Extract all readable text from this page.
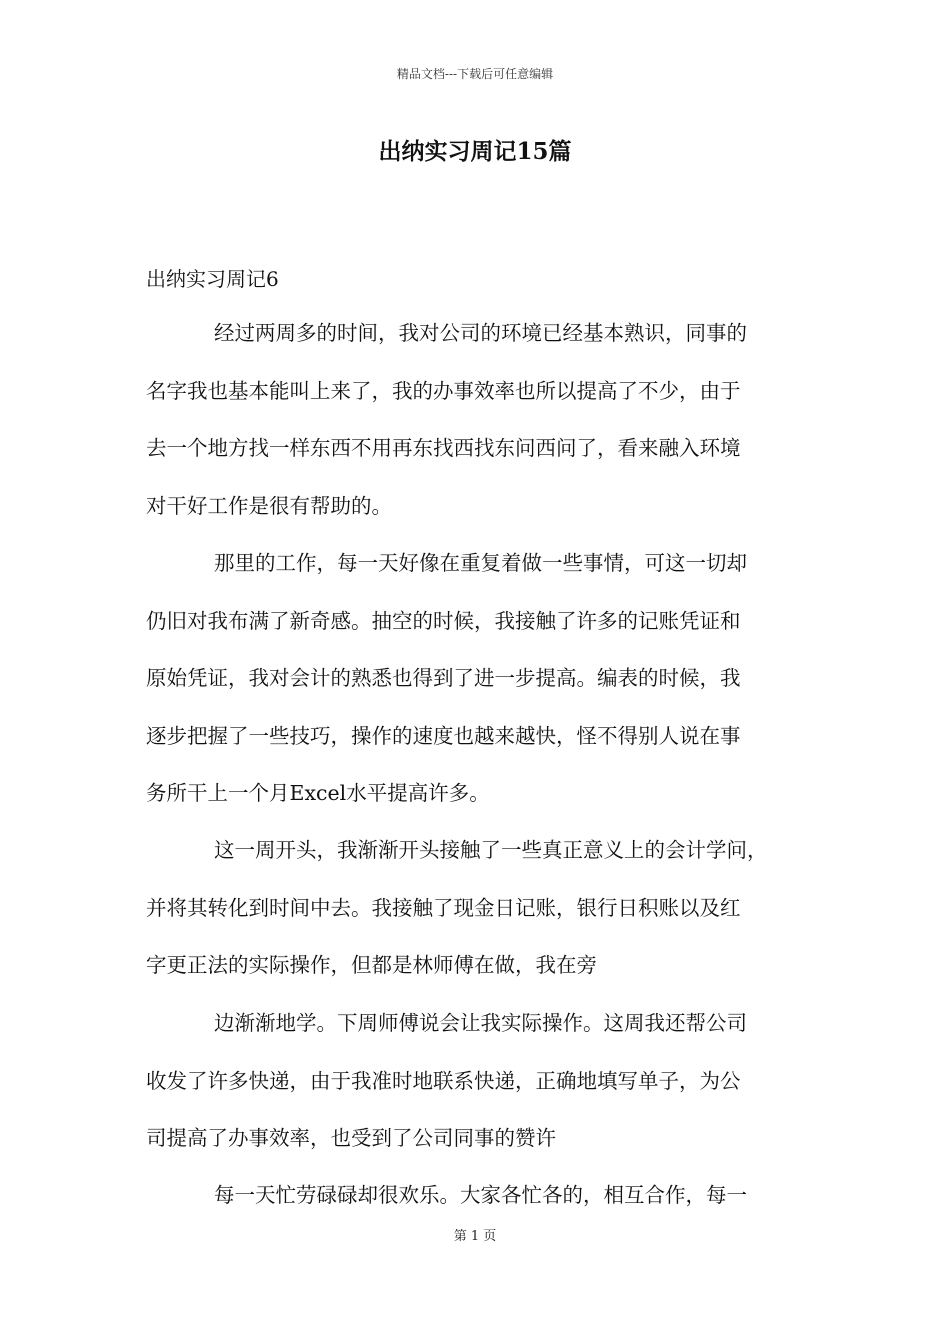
精品文档---下载后可任意编辑
出纳实习周记15篇
出纳实习周记6
经过两周多的时间，我对公司的环境已经基本熟识，同事的
名字我也基本能叫上来了，我的办事效率也所以提高了不少，由于
去一个地方找一样东西不用再东找西找东问西问了，看来融入环境
对干好工作是很有帮助的。
那里的工作，每一天好像在重复着做一些事情，可这一切却
仍旧对我布满了新奇感。抽空的时候，我接触了许多的记账凭证和
原始凭证，我对会计的熟悉也得到了进一步提高。编表的时候，我
逐步把握了一些技巧，操作的速度也越来越快，怪不得别人说在事
务所干上一个月Excel水平提高许多。
这一周开头，我渐渐开头接触了一些真正意义上的会计学问，
并将其转化到时间中去。我接触了现金日记账，银行日积账以及红
字更正法的实际操作，但都是林师傅在做，我在旁
边渐渐地学。下周师傅说会让我实际操作。这周我还帮公司
收发了许多快递，由于我准时地联系快递，正确地填写单子，为公
司提高了办事效率，也受到了公司同事的赞许
每一天忙劳碌碌却很欢乐。大家各忙各的，相互合作，每一
第 1 页
